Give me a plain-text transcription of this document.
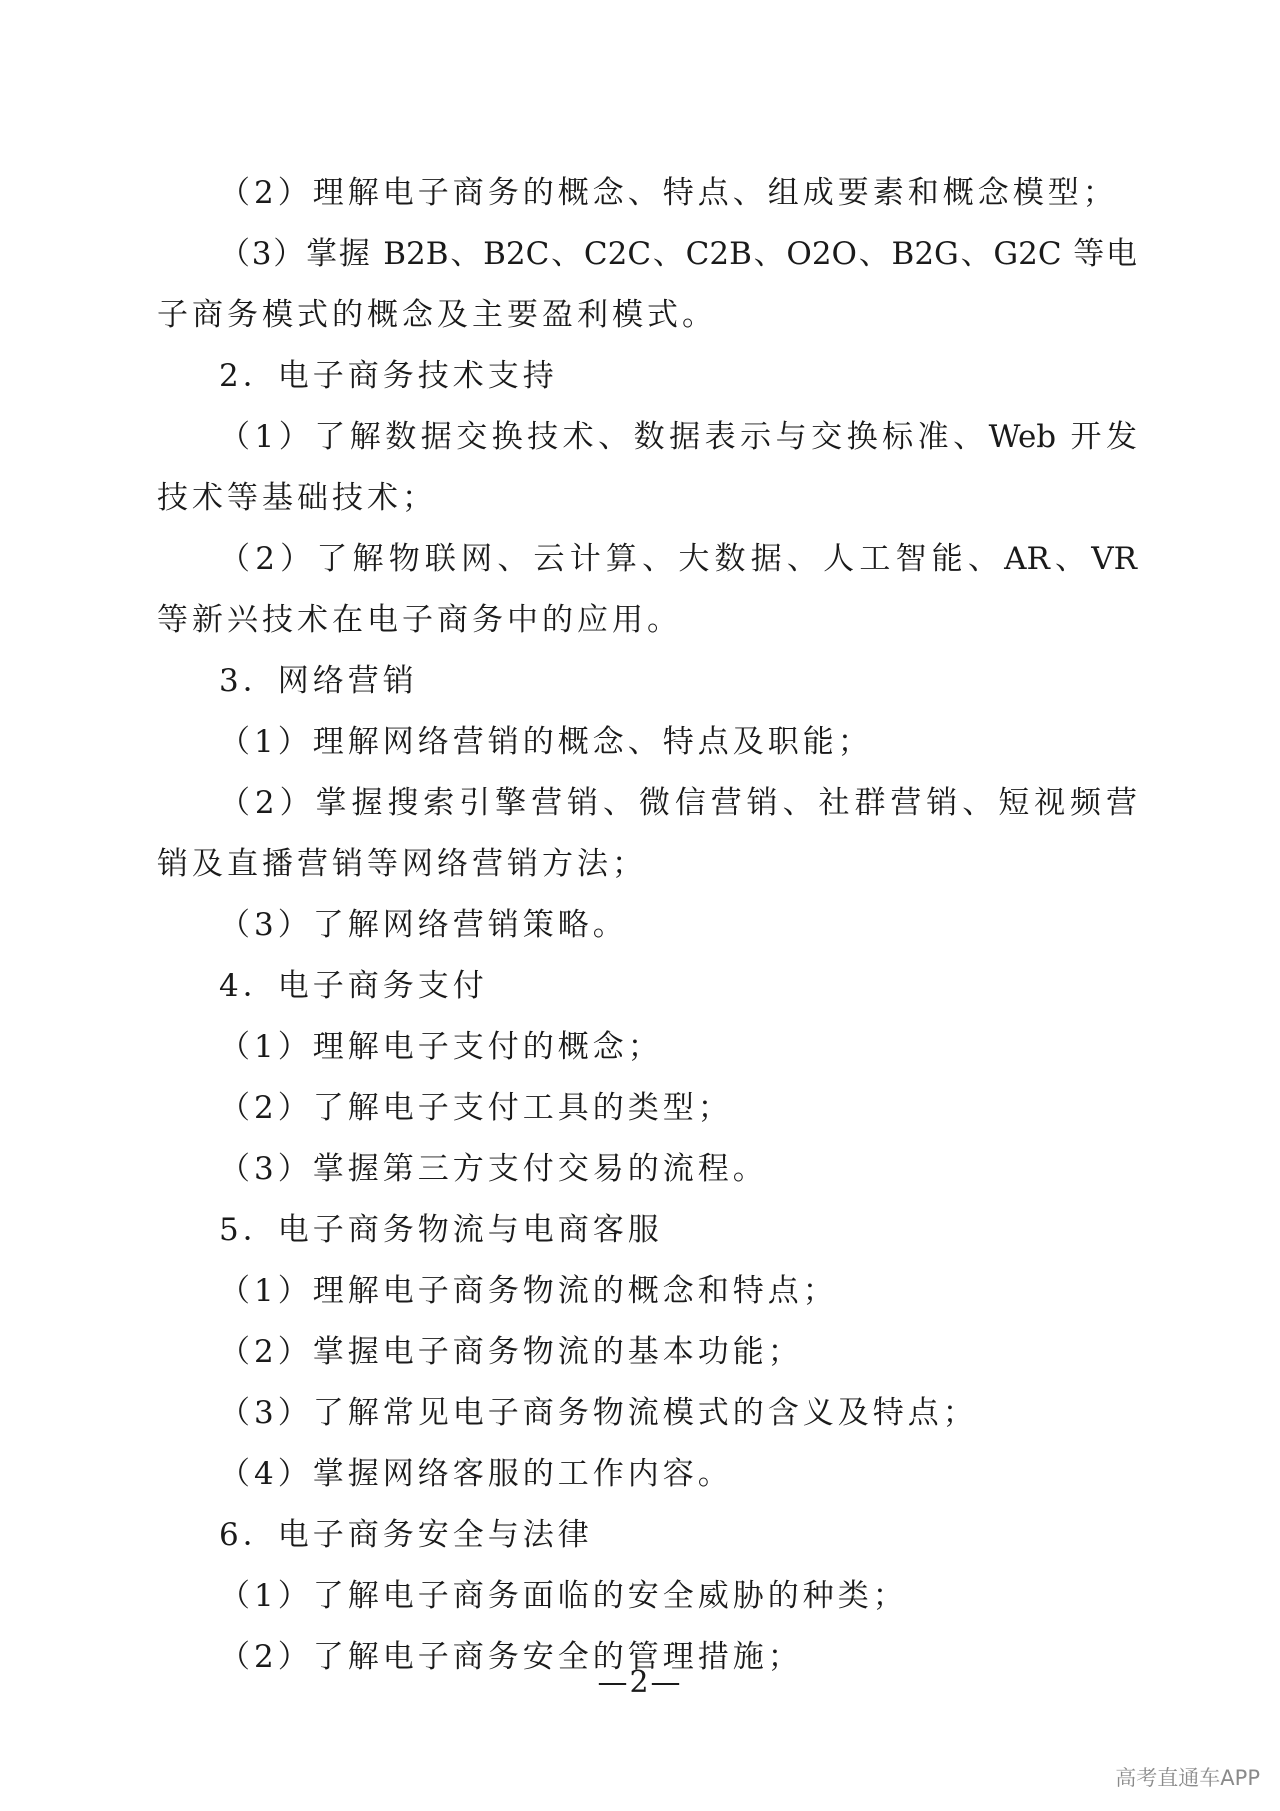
（2）理解电子商务的概念、特点、组成要素和概念模型；

（3）掌握 B2B、B2C、C2C、C2B、O2O、B2G、G2C 等电

子商务模式的概念及主要盈利模式。

2．电子商务技术支持

（1）了解数据交换技术、数据表示与交换标准、Web 开发

技术等基础技术；

（2）了解物联网、云计算、大数据、人工智能、AR、VR

等新兴技术在电子商务中的应用。

3．网络营销

（1）理解网络营销的概念、特点及职能；

（2）掌握搜索引擎营销、微信营销、社群营销、短视频营

销及直播营销等网络营销方法；

（3）了解网络营销策略。

4．电子商务支付

（1）理解电子支付的概念；

（2）了解电子支付工具的类型；

（3）掌握第三方支付交易的流程。

5．电子商务物流与电商客服

（1）理解电子商务物流的概念和特点；

（2）掌握电子商务物流的基本功能；

（3）了解常见电子商务物流模式的含义及特点；

（4）掌握网络客服的工作内容。

6．电子商务安全与法律

（1）了解电子商务面临的安全威胁的种类；

（2）了解电子商务安全的管理措施；

—2—
高考直通车APP
